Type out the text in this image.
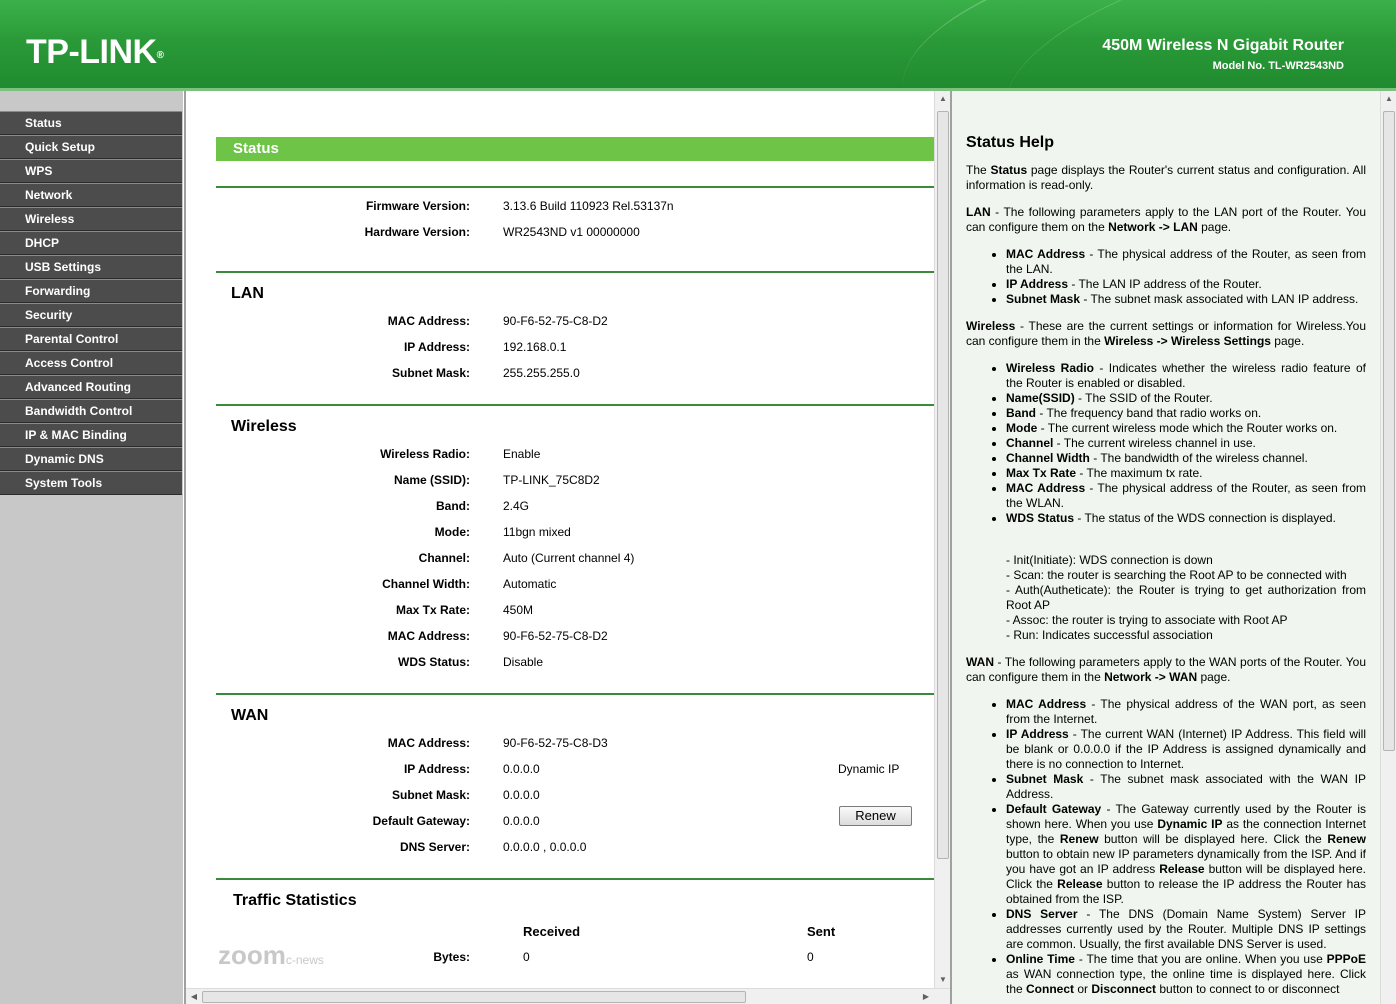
TP-LINK®
450M Wireless N Gigabit Router
Model No. TL-WR2543ND
Status
Quick Setup
WPS
Network
Wireless
DHCP
USB Settings
Forwarding
Security
Parental Control
Access Control
Advanced Routing
Bandwidth Control
IP & MAC Binding
Dynamic DNS
System Tools
Status
Firmware Version:	3.13.6 Build 110923 Rel.53137n
Hardware Version:	WR2543ND v1 00000000
LAN
MAC Address:	90-F6-52-75-C8-D2
IP Address:	192.168.0.1
Subnet Mask:	255.255.255.0
Wireless
Wireless Radio:	Enable
Name (SSID):	TP-LINK_75C8D2
Band:	2.4G
Mode:	11bgn mixed
Channel:	Auto (Current channel 4)
Channel Width:	Automatic
Max Tx Rate:	450M
MAC Address:	90-F6-52-75-C8-D2
WDS Status:	Disable
WAN
MAC Address:	90-F6-52-75-C8-D3
IP Address:	0.0.0.0	Dynamic IP
Subnet Mask:	0.0.0.0
Default Gateway:	0.0.0.0	Renew
DNS Server:	0.0.0.0 , 0.0.0.0
Traffic Statistics
Received	Sent
Bytes:	0	0
▲
▼
◀	▶
zoomc-news
Status Help

The Status page displays the Router's current status and configuration. All information is read-only.

LAN - The following parameters apply to the LAN port of the Router. You can configure them on the Network -> LAN page.

• MAC Address - The physical address of the Router, as seen from the LAN.
• IP Address - The LAN IP address of the Router.
• Subnet Mask - The subnet mask associated with LAN IP address.

Wireless - These are the current settings or information for Wireless.You can configure them in the Wireless -> Wireless Settings page.

• Wireless Radio - Indicates whether the wireless radio feature of the Router is enabled or disabled.
• Name(SSID) - The SSID of the Router.
• Band - The frequency band that radio works on.
• Mode - The current wireless mode which the Router works on.
• Channel - The current wireless channel in use.
• Channel Width - The bandwidth of the wireless channel.
• Max Tx Rate - The maximum tx rate.
• MAC Address - The physical address of the Router, as seen from the WLAN.
• WDS Status - The status of the WDS connection is displayed.
- Init(Initiate): WDS connection is down
- Scan: the router is searching the Root AP to be connected with
- Auth(Autheticate): the Router is trying to get authorization from Root AP
- Assoc: the router is trying to associate with Root AP
- Run: Indicates successful association

WAN - The following parameters apply to the WAN ports of the Router. You can configure them in the Network -> WAN page.

• MAC Address - The physical address of the WAN port, as seen from the Internet.
• IP Address - The current WAN (Internet) IP Address. This field will be blank or 0.0.0.0 if the IP Address is assigned dynamically and there is no connection to Internet.
• Subnet Mask - The subnet mask associated with the WAN IP Address.
• Default Gateway - The Gateway currently used by the Router is shown here. When you use Dynamic IP as the connection Internet type, the Renew button will be displayed here. Click the Renew button to obtain new IP parameters dynamically from the ISP. And if you have got an IP address Release button will be displayed here. Click the Release button to release the IP address the Router has obtained from the ISP.
• DNS Server - The DNS (Domain Name System) Server IP addresses currently used by the Router. Multiple DNS IP settings are common. Usually, the first available DNS Server is used.
• Online Time - The time that you are online. When you use PPPoE as WAN connection type, the online time is displayed here. Click the Connect or Disconnect button to connect to or disconnect
▲
